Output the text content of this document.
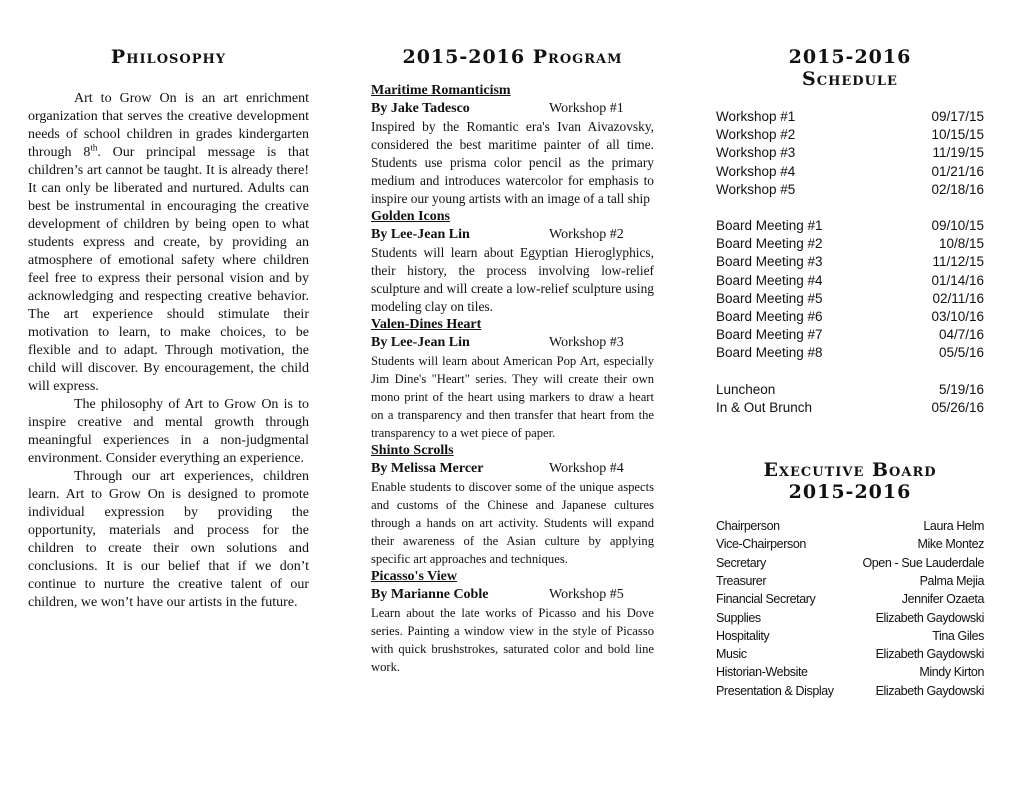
Philosophy

Art to Grow On is an art enrichment organization that serves the creative development needs of school children in grades kindergarten through 8th. Our principal message is that children’s art cannot be taught. It is already there! It can only be liberated and nurtured. Adults can best be instrumental in encouraging the creative development of children by being open to what students express and create, by providing an atmosphere of emotional safety where children feel free to express their personal vision and by acknowledging and respecting creative behavior. The art experience should stimulate their motivation to learn, to make choices, to be flexible and to adapt. Through motivation, the child will discover. By encouragement, the child will express.

The philosophy of Art to Grow On is to inspire creative and mental growth through meaningful experiences in a non-judgmental environment. Consider everything an experience.

Through our art experiences, children learn. Art to Grow On is designed to promote individual expression by providing the opportunity, materials and process for the children to create their own solutions and conclusions. It is our belief that if we don’t continue to nurture the creative talent of our children, we won’t have our artists in the future.

2015-2016 Program
Maritime Romanticism
By Jake Tadesco	Workshop #1
Inspired by the Romantic era's Ivan Aivazovsky, considered the best maritime painter of all time. Students use prisma color pencil as the primary medium and introduces watercolor for emphasis to inspire our young artists with an image of a tall ship
Golden Icons
By Lee-Jean Lin	Workshop #2
Students will learn about Egyptian Hieroglyphics, their history, the process involving low-relief sculpture and will create a low-relief sculpture using modeling clay on tiles.
Valen-Dines Heart
By Lee-Jean Lin	Workshop #3
Students will learn about American Pop Art, especially Jim Dine's "Heart" series. They will create their own mono print of the heart using markers to draw a heart on a transparency and then transfer that heart from the transparency to a wet piece of paper.
Shinto Scrolls
By Melissa Mercer	Workshop #4
Enable students to discover some of the unique aspects and customs of the Chinese and Japanese cultures through a hands on art activity. Students will expand their awareness of the Asian culture by applying specific art approaches and techniques.
Picasso's View
By Marianne Coble	Workshop #5
Learn about the late works of Picasso and his Dove series. Painting a window view in the style of Picasso with quick brushstrokes, saturated color and bold line work.
2015-2016
Schedule
Workshop #1	09/17/15
Workshop #2	10/15/15
Workshop #3	11/19/15
Workshop #4	01/21/16
Workshop #5	02/18/16
Board Meeting #1	09/10/15
Board Meeting #2	10/8/15
Board Meeting #3	11/12/15
Board Meeting #4	01/14/16
Board Meeting #5	02/11/16
Board Meeting #6	03/10/16
Board Meeting #7	04/7/16
Board Meeting #8	05/5/16
Luncheon	5/19/16
In & Out Brunch	05/26/16
Executive Board
2015-2016
Chairperson	Laura Helm
Vice-Chairperson	Mike Montez
Secretary	Open - Sue Lauderdale
Treasurer	Palma Mejia
Financial Secretary	Jennifer Ozaeta
Supplies	Elizabeth Gaydowski
Hospitality	Tina Giles
Music	Elizabeth Gaydowski
Historian-Website	Mindy Kirton
Presentation & Display	Elizabeth Gaydowski
